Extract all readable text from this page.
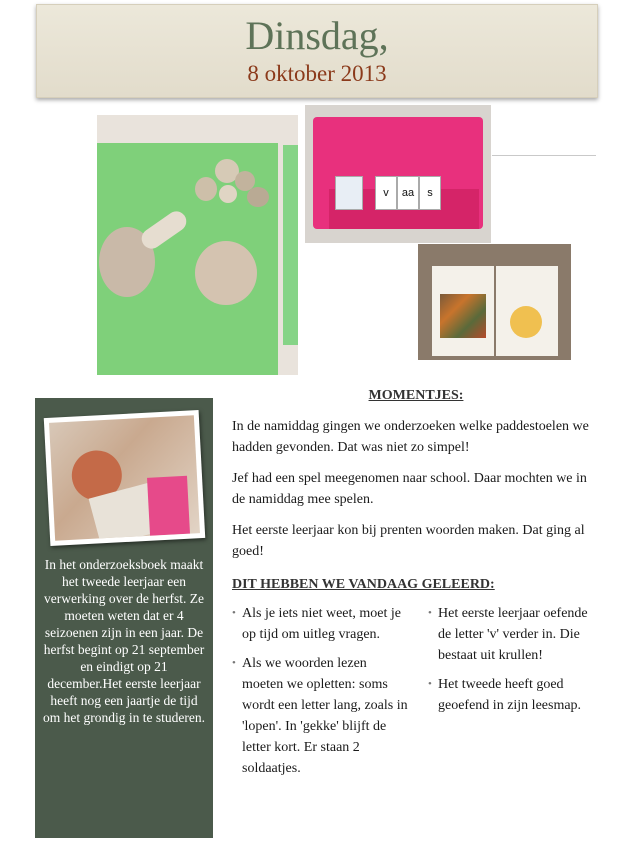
Dinsdag,
8 oktober 2013
v	aa	s
In het onderzoeksboek maakt het tweede leerjaar een verwerking over de herfst. Ze moeten weten dat er 4 seizoenen zijn in een jaar. De herfst begint op 21 september en eindigt op 21 december.Het eerste leerjaar heeft nog een jaartje de tijd om het grondig in te studeren.
MOMENTJES:

In de namiddag gingen we onderzoeken welke paddestoelen we hadden gevonden. Dat was niet zo simpel!

Jef had een spel meegenomen naar school. Daar mochten we in de namiddag mee spelen.

Het eerste leerjaar kon bij prenten woorden maken. Dat ging al goed!

DIT HEBBEN WE VANDAAG GELEERD:
• Als je iets niet weet, moet je op tijd om uitleg vragen.
• Als we woorden lezen moeten we opletten: soms wordt een letter lang, zoals in 'lopen'. In 'gekke' blijft de letter kort. Er staan 2 soldaatjes.
• Het eerste leerjaar oefende de letter 'v' verder in. Die bestaat uit krullen!
• Het tweede heeft goed geoefend in zijn leesmap.
